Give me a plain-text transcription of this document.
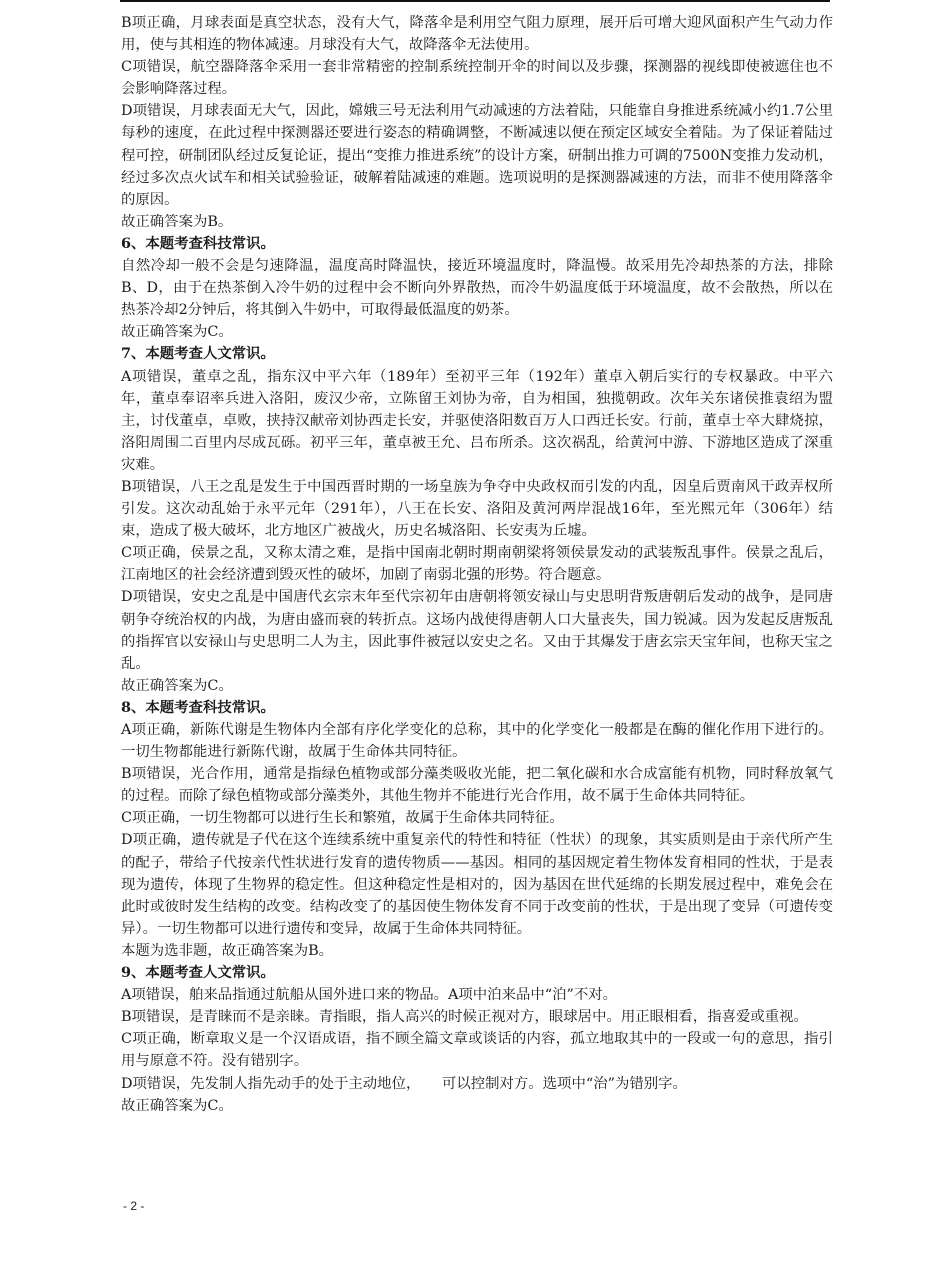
B项正确，月球表面是真空状态，没有大气，降落伞是利用空气阻力原理，展开后可增大迎风面积产生气动力作用，使与其相连的物体减速。月球没有大气，故降落伞无法使用。

C项错误，航空器降落伞采用一套非常精密的控制系统控制开伞的时间以及步骤，探测器的视线即使被遮住也不会影响降落过程。

D项错误，月球表面无大气，因此，嫦娥三号无法利用气动减速的方法着陆，只能靠自身推进系统减小约1.7公里每秒的速度，在此过程中探测器还要进行姿态的精确调整，不断减速以便在预定区域安全着陆。为了保证着陆过程可控，研制团队经过反复论证，提出“变推力推进系统”的设计方案，研制出推力可调的7500N变推力发动机，经过多次点火试车和相关试验验证，破解着陆减速的难题。选项说明的是探测器减速的方法，而非不使用降落伞的原因。

故正确答案为B。

6、本题考查科技常识。

自然冷却一般不会是匀速降温，温度高时降温快，接近环境温度时，降温慢。故采用先冷却热茶的方法，排除B、D，由于在热茶倒入冷牛奶的过程中会不断向外界散热，而冷牛奶温度低于环境温度，故不会散热，所以在热茶冷却2分钟后，将其倒入牛奶中，可取得最低温度的奶茶。

故正确答案为C。

7、本题考查人文常识。

A项错误，董卓之乱，指东汉中平六年（189年）至初平三年（192年）董卓入朝后实行的专权暴政。中平六年，董卓奉诏率兵进入洛阳，废汉少帝，立陈留王刘协为帝，自为相国，独揽朝政。次年关东诸侯推袁绍为盟主，讨伐董卓，卓败，挟持汉献帝刘协西走长安，并驱使洛阳数百万人口西迁长安。行前，董卓士卒大肆烧掠，洛阳周围二百里内尽成瓦砾。初平三年，董卓被王允、吕布所杀。这次祸乱，给黄河中游、下游地区造成了深重灾难。

B项错误，八王之乱是发生于中国西晋时期的一场皇族为争夺中央政权而引发的内乱，因皇后贾南风干政弄权所引发。这次动乱始于永平元年（291年），八王在长安、洛阳及黄河两岸混战16年，至光熙元年（306年）结束，造成了极大破坏，北方地区广被战火，历史名城洛阳、长安夷为丘墟。

C项正确，侯景之乱，又称太清之难，是指中国南北朝时期南朝梁将领侯景发动的武装叛乱事件。侯景之乱后，江南地区的社会经济遭到毁灭性的破坏，加剧了南弱北强的形势。符合题意。

D项错误，安史之乱是中国唐代玄宗末年至代宗初年由唐朝将领安禄山与史思明背叛唐朝后发动的战争，是同唐朝争夺统治权的内战，为唐由盛而衰的转折点。这场内战使得唐朝人口大量丧失，国力锐减。因为发起反唐叛乱的指挥官以安禄山与史思明二人为主，因此事件被冠以安史之名。又由于其爆发于唐玄宗天宝年间，也称天宝之乱。

故正确答案为C。

8、本题考查科技常识。

A项正确，新陈代谢是生物体内全部有序化学变化的总称，其中的化学变化一般都是在酶的催化作用下进行的。一切生物都能进行新陈代谢，故属于生命体共同特征。

B项错误，光合作用，通常是指绿色植物或部分藻类吸收光能，把二氧化碳和水合成富能有机物，同时释放氧气的过程。而除了绿色植物或部分藻类外，其他生物并不能进行光合作用，故不属于生命体共同特征。

C项正确，一切生物都可以进行生长和繁殖，故属于生命体共同特征。

D项正确，遗传就是子代在这个连续系统中重复亲代的特性和特征（性状）的现象，其实质则是由于亲代所产生的配子，带给子代按亲代性状进行发育的遗传物质——基因。相同的基因规定着生物体发育相同的性状，于是表现为遗传，体现了生物界的稳定性。但这种稳定性是相对的，因为基因在世代延绵的长期发展过程中，难免会在此时或彼时发生结构的改变。结构改变了的基因使生物体发育不同于改变前的性状，于是出现了变异（可遗传变异）。一切生物都可以进行遗传和变异，故属于生命体共同特征。

本题为选非题，故正确答案为B。

9、本题考查人文常识。

A项错误，舶来品指通过航船从国外进口来的物品。A项中泊来品中“泊”不对。

B项错误，是青睐而不是亲睐。青指眼，指人高兴的时候正视对方，眼球居中。用正眼相看，指喜爱或重视。

C项正确，断章取义是一个汉语成语，指不顾全篇文章或谈话的内容，孤立地取其中的一段或一句的意思，指引用与原意不符。没有错别字。

D项错误，先发制人指先动手的处于主动地位，　　可以控制对方。选项中“治”为错别字。

故正确答案为C。

- 2 -
